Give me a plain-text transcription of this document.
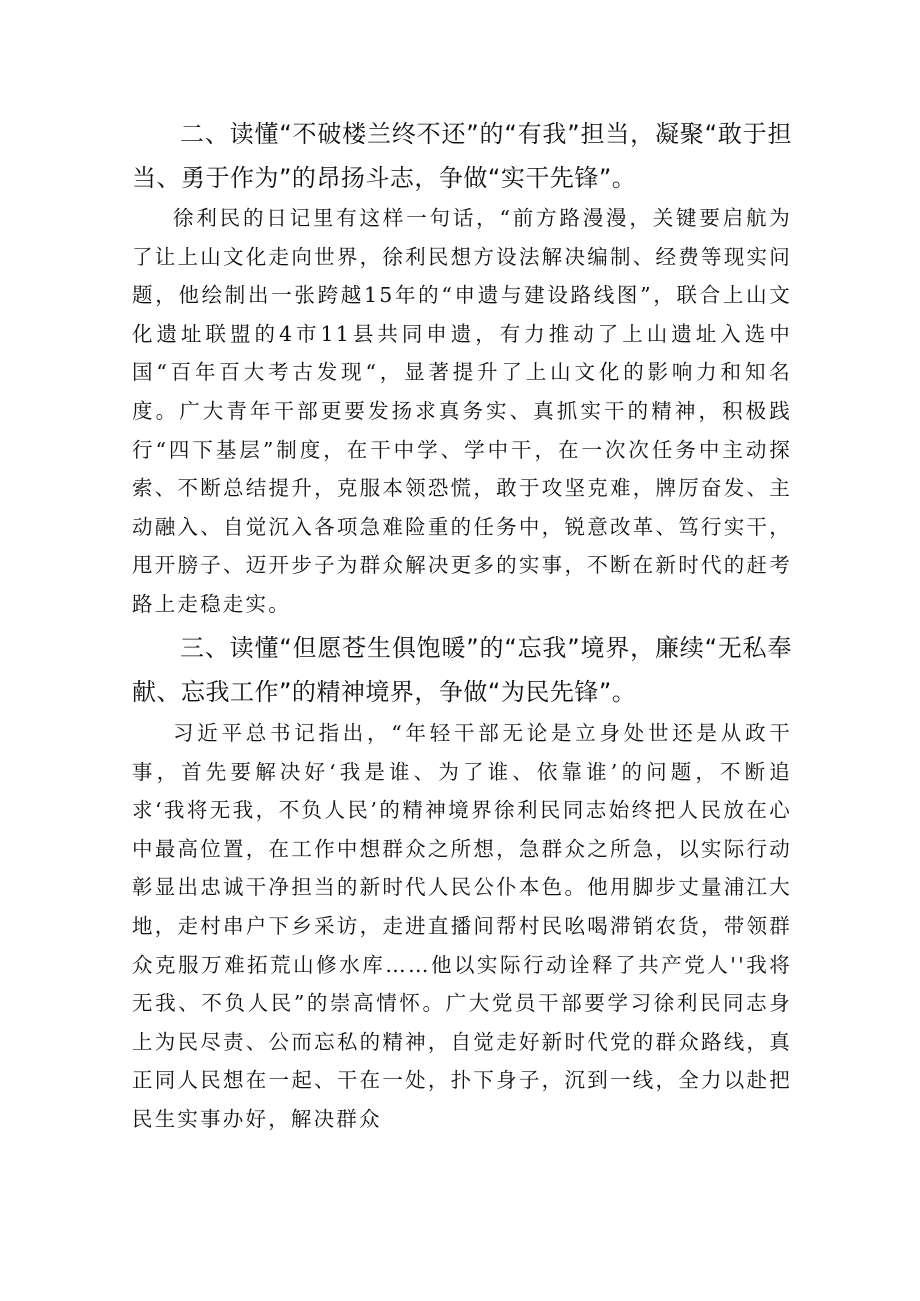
二、读懂“不破楼兰终不还”的“有我”担当，凝聚“敢于担当、勇于作为”的昂扬斗志，争做“实干先锋”。

徐利民的日记里有这样一句话，“前方路漫漫，关键要启航为了让上山文化走向世界，徐利民想方设法解决编制、经费等现实问题，他绘制出一张跨越15年的“申遗与建设路线图”，联合上山文化遗址联盟的4市11县共同申遗，有力推动了上山遗址入选中国“百年百大考古发现“，显著提升了上山文化的影响力和知名度。广大青年干部更要发扬求真务实、真抓实干的精神，积极践行“四下基层”制度，在干中学、学中干，在一次次任务中主动探索、不断总结提升，克服本领恐慌，敢于攻坚克难，牌厉奋发、主动融入、自觉沉入各项急难险重的任务中，锐意改革、笃行实干，甩开膀子、迈开步子为群众解决更多的实事，不断在新时代的赶考路上走稳走实。

三、读懂“但愿苍生俱饱暖”的“忘我”境界，廉续“无私奉献、忘我工作”的精神境界，争做“为民先锋”。

习近平总书记指出，“年轻干部无论是立身处世还是从政干事，首先要解决好‘我是谁、为了谁、依靠谁’的问题，不断追求‘我将无我，不负人民’的精神境界徐利民同志始终把人民放在心中最高位置，在工作中想群众之所想，急群众之所急，以实际行动彰显出忠诚干净担当的新时代人民公仆本色。他用脚步丈量浦江大地，走村串户下乡采访，走进直播间帮村民吆喝滞销农货，带领群众克服万难拓荒山修水库……他以实际行动诠释了共产党人''我将无我、不负人民”的崇高情怀。广大党员干部要学习徐利民同志身上为民尽责、公而忘私的精神，自觉走好新时代党的群众路线，真正同人民想在一起、干在一处，扑下身子，沉到一线，全力以赴把民生实事办好，解决群众
